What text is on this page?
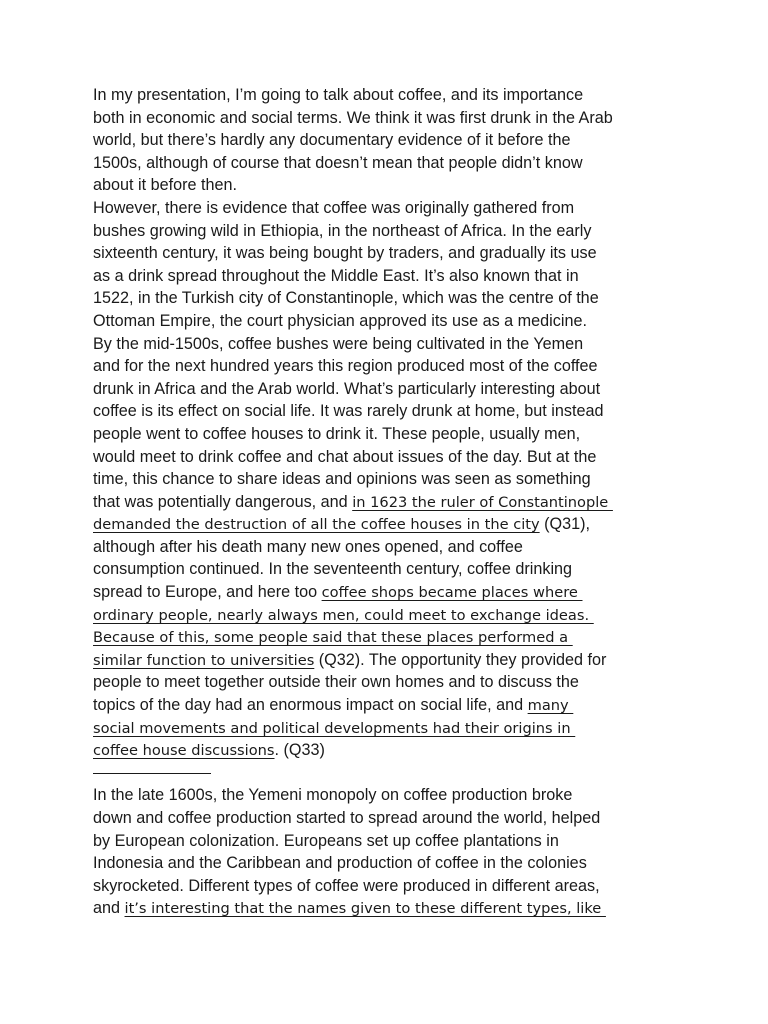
In my presentation, I’m going to talk about coffee, and its importance
both in economic and social terms. We think it was first drunk in the Arab
world, but there’s hardly any documentary evidence of it before the
1500s, although of course that doesn’t mean that people didn’t know
about it before then.
However, there is evidence that coffee was originally gathered from
bushes growing wild in Ethiopia, in the northeast of Africa. In the early
sixteenth century, it was being bought by traders, and gradually its use
as a drink spread throughout the Middle East. It’s also known that in
1522, in the Turkish city of Constantinople, which was the centre of the
Ottoman Empire, the court physician approved its use as a medicine.
By the mid-1500s, coffee bushes were being cultivated in the Yemen
and for the next hundred years this region produced most of the coffee
drunk in Africa and the Arab world. What’s particularly interesting about
coffee is its effect on social life. It was rarely drunk at home, but instead
people went to coffee houses to drink it. These people, usually men,
would meet to drink coffee and chat about issues of the day. But at the
time, this chance to share ideas and opinions was seen as something
that was potentially dangerous, and in 1623 the ruler of Constantinople
demanded the destruction of all the coffee houses in the city (Q31),
although after his death many new ones opened, and coffee
consumption continued. In the seventeenth century, coffee drinking
spread to Europe, and here too coffee shops became places where
ordinary people, nearly always men, could meet to exchange ideas.
Because of this, some people said that these places performed a
similar function to universities (Q32). The opportunity they provided for
people to meet together outside their own homes and to discuss the
topics of the day had an enormous impact on social life, and many
social movements and political developments had their origins in
coffee house discussions. (Q33)
In the late 1600s, the Yemeni monopoly on coffee production broke
down and coffee production started to spread around the world, helped
by European colonization. Europeans set up coffee plantations in
Indonesia and the Caribbean and production of coffee in the colonies
skyrocketed. Different types of coffee were produced in different areas,
and it’s interesting that the names given to these different types, like
